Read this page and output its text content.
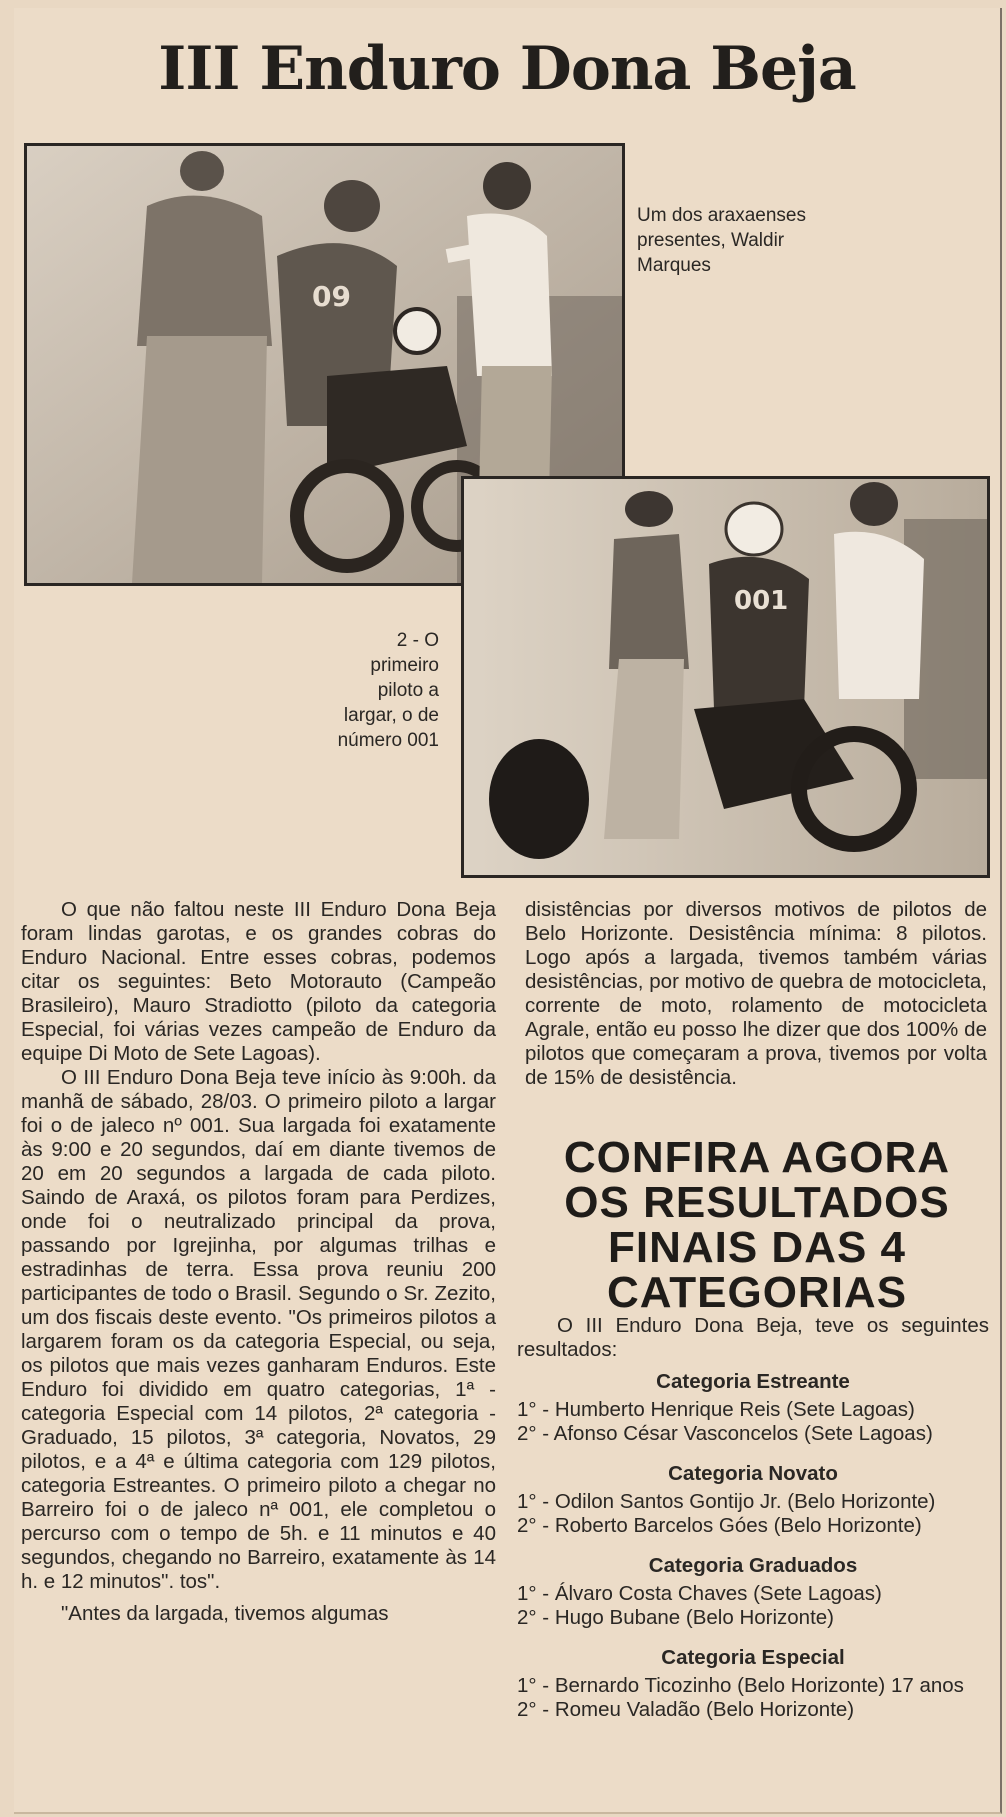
III Enduro Dona Beja
09
Um dos araxaenses presentes, Waldir Marques
001
2 - O primeiro piloto a largar, o de número 001

O que não faltou neste III Enduro Dona Beja foram lindas garotas, e os grandes cobras do Enduro Nacional. Entre esses cobras, podemos citar os seguintes: Beto Motorauto (Campeão Brasileiro), Mauro Stradiotto (piloto da categoria Especial, foi várias vezes campeão de Enduro da equipe Di Moto de Sete Lagoas).

O III Enduro Dona Beja teve início às 9:00h. da manhã de sábado, 28/03. O primeiro piloto a largar foi o de jaleco nº 001. Sua largada foi exatamente às 9:00 e 20 segundos, daí em diante tivemos de 20 em 20 segundos a largada de cada piloto. Saindo de Araxá, os pilotos foram para Perdizes, onde foi o neutralizado principal da prova, passando por Igrejinha, por algumas trilhas e estradinhas de terra. Essa prova reuniu 200 participantes de todo o Brasil. Segundo o Sr. Zezito, um dos fiscais deste evento. "Os primeiros pilotos a largarem foram os da categoria Especial, ou seja, os pilotos que mais vezes ganharam Enduros. Este Enduro foi dividido em quatro categorias, 1ª - categoria Especial com 14 pilotos, 2ª categoria - Graduado, 15 pilotos, 3ª categoria, Novatos, 29 pilotos, e a 4ª e última categoria com 129 pilotos, categoria Estreantes. O primeiro piloto a chegar no Barreiro foi o de jaleco nª 001, ele completou o percurso com o tempo de 5h. e 11 minutos e 40 segundos, chegando no Barreiro, exatamente às 14 h. e 12 minutos". tos".

"Antes da largada, tivemos algumas

disistências por diversos motivos de pilotos de Belo Horizonte. Desistência mínima: 8 pilotos. Logo após a largada, tivemos também várias desistências, por motivo de quebra de motocicleta, corrente de moto, rolamento de motocicleta Agrale, então eu posso lhe dizer que dos 100% de pilotos que começaram a prova, tivemos por volta de 15% de desistência.

CONFIRA AGORA
OS RESULTADOS
FINAIS DAS 4
CATEGORIAS

O III Enduro Dona Beja, teve os seguintes resultados:

Categoria Estreante

1° - Humberto Henrique Reis (Sete Lagoas)

2° - Afonso César Vasconcelos (Sete Lagoas)

Categoria Novato

1° - Odilon Santos Gontijo Jr. (Belo Horizonte)

2° - Roberto Barcelos Góes (Belo Horizonte)

Categoria Graduados

1° - Álvaro Costa Chaves (Sete Lagoas)

2° - Hugo Bubane (Belo Horizonte)

Categoria Especial

1° - Bernardo Ticozinho (Belo Horizonte) 17 anos

2° - Romeu Valadão (Belo Horizonte)
